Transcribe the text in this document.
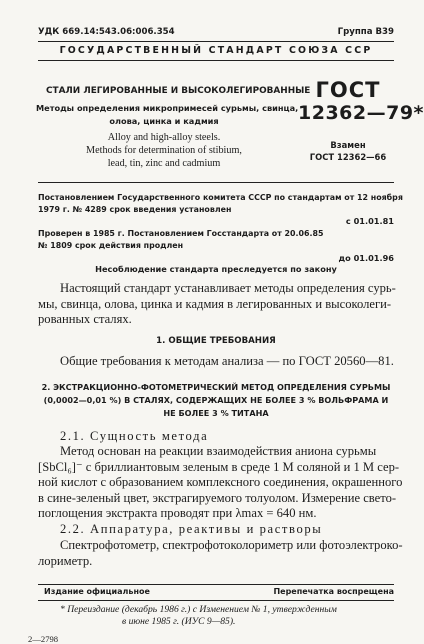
УДК 669.14:543.06:006.354	Группа В39
ГОСУДАРСТВЕННЫЙ СТАНДАРТ СОЮЗА ССР
СТАЛИ ЛЕГИРОВАННЫЕ И ВЫСОКОЛЕГИРОВАННЫЕ
Методы определения микропримесей сурьмы, свинца,
олова, цинка и кадмия
Alloy and high-alloy steels.
Methods for determination of stibium,
lead, tin, zinc and cadmium
ГОСТ
12362—79*
Взамен
ГОСТ 12362—66
Постановлением Государственного комитета СССР по стандартам от 12 ноября
1979 г. № 4289 срок введения установлен
с 01.01.81
Проверен в 1985 г. Постановлением Госстандарта от 20.06.85
№ 1809 срок действия продлен
до 01.01.96
Несоблюдение стандарта преследуется по закону
Настоящий стандарт устанавливает методы определения сурь-
мы, свинца, олова, цинка и кадмия в легированных и высоколеги-
рованных сталях.
1. ОБЩИЕ ТРЕБОВАНИЯ
Общие требования к методам анализа — по ГОСТ 20560—81.
2. ЭКСТРАКЦИОННО-ФОТОМЕТРИЧЕСКИЙ МЕТОД ОПРЕДЕЛЕНИЯ СУРЬМЫ
(0,0002—0,01 %) В СТАЛЯХ, СОДЕРЖАЩИХ НЕ БОЛЕЕ 3 % ВОЛЬФРАМА И
НЕ БОЛЕЕ 3 % ТИТАНА
2.1. Сущность метода
Метод основан на реакции взаимодействия аниона сурьмы
[SbCl₆]⁻ с бриллиантовым зеленым в среде 1 М соляной и 1 М сер-
ной кислот с образованием комплексного соединения, окрашенного
в сине-зеленый цвет, экстрагируемого толуолом. Измерение свето-
поглощения экстракта проводят при λmax = 640 нм.
2.2. Аппаратура, реактивы и растворы
Спектрофотометр, спектрофотоколориметр или фотоэлектроко-
лориметр.
Издание официальное	Перепечатка воспрещена
* Переиздание (декабрь 1986 г.) с Изменением № 1, утвержденным
в июне 1985 г. (ИУС 9—85).
2—2798
